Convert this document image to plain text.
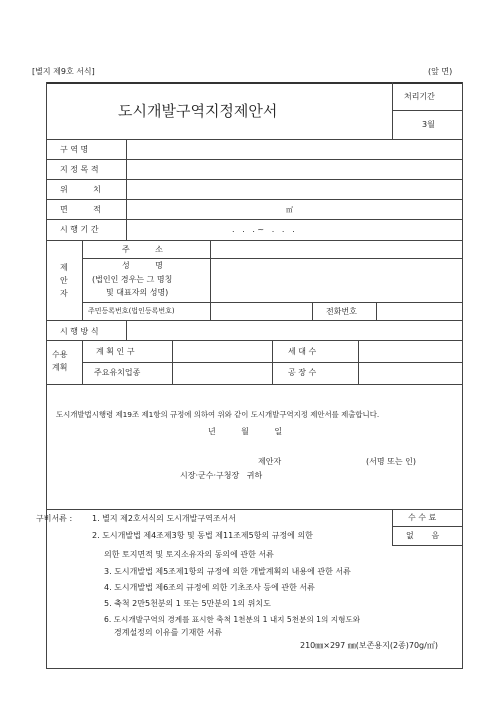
[별지 제9호 서식]	(앞 면)
도시개발구역지정제안서
처리기간
3월
구 역 명
지 정 목 적
위          치
면          적	㎡
시 행 기 간	.   .   . ~   .   .   .
제
안
자
주          소
성          명
(법인인 경우는 그 명칭
및 대표자의 성명)
주민등록번호(법인등록번호)	전화번호
시 행 방 식
수용
계획
계 획 인 구	세 대 수
주요유치업종	공 장 수
도시개발법시행령 제19조 제1항의 규정에 의하여 위와 같이 도시개발구역지정 제안서를 제출합니다.
년          월          일
제안자	(서명 또는 인)
시장·군수·구청장   귀하
수 수 료
없       음
구비서류 : 1. 별지 제2호서식의 도시개발구역조서서
2. 도시개발법 제4조제3항 및 동법 제11조제5항의 규정에 의한
의한 토지면적 및 토지소유자의 동의에 관한 서류
3. 도시개발법 제5조제1항의 규정에 의한 개발계획의 내용에 관한 서류
4. 도시개발법 제6조의 규정에 의한 기초조사 등에 관한 서류
5. 축척 2만5천분의 1 또는 5만분의 1의 위치도
6. 도시개발구역의 경계를 표시한 축척 1천분의 1 내지 5천분의 1의 지형도와
경계설정의 이유를 기재한 서류
210㎜×297 ㎜(보존용지(2종)70g/㎡)
